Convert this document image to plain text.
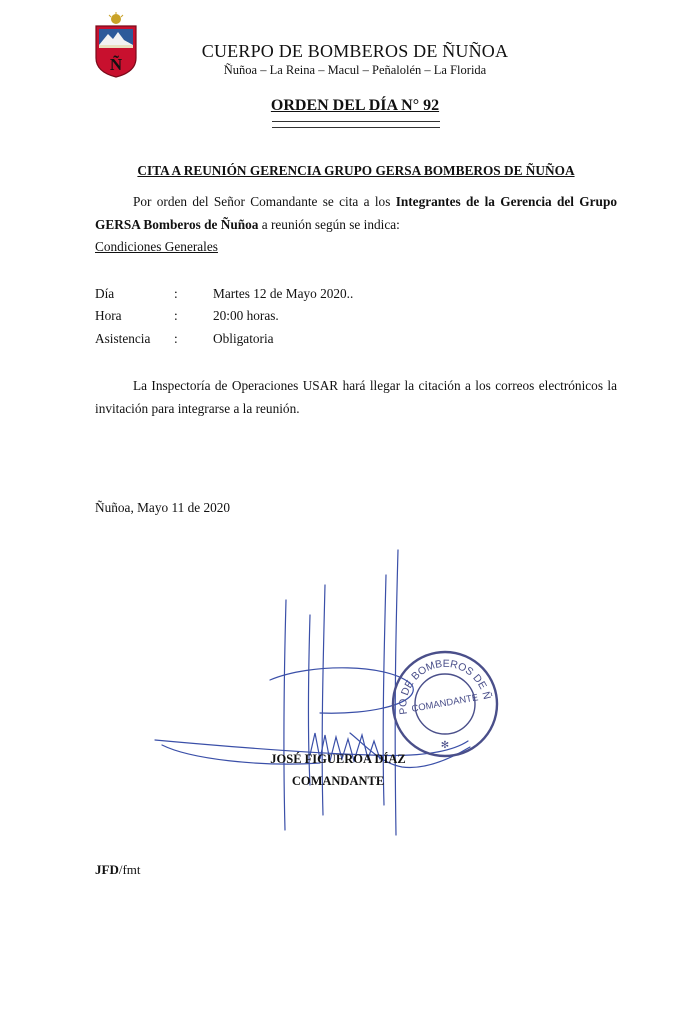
Ñ
CUERPO DE BOMBEROS DE ÑUÑOA
Ñuñoa – La Reina – Macul – Peñalolén – La Florida
ORDEN DEL DÍA N° 92
CITA A REUNIÓN GERENCIA GRUPO GERSA BOMBEROS DE ÑUÑOA
Por orden del Señor Comandante se cita a los Integrantes de la Gerencia del Grupo GERSA Bomberos de Ñuñoa a reunión según se indica:
Condiciones Generales
Día	:	Martes 12 de Mayo 2020..
Hora	:	20:00 horas.
Asistencia	:	Obligatoria
La Inspectoría de Operaciones USAR hará llegar la citación a los correos electrónicos la invitación para integrarse a la reunión.
Ñuñoa, Mayo 11 de 2020
JOSÉ FIGUEROA DÍAZ
COMANDANTE
CUERPO DE BOMBEROS DE ÑUÑOA
COMANDANTE
✻
JFD/fmt
